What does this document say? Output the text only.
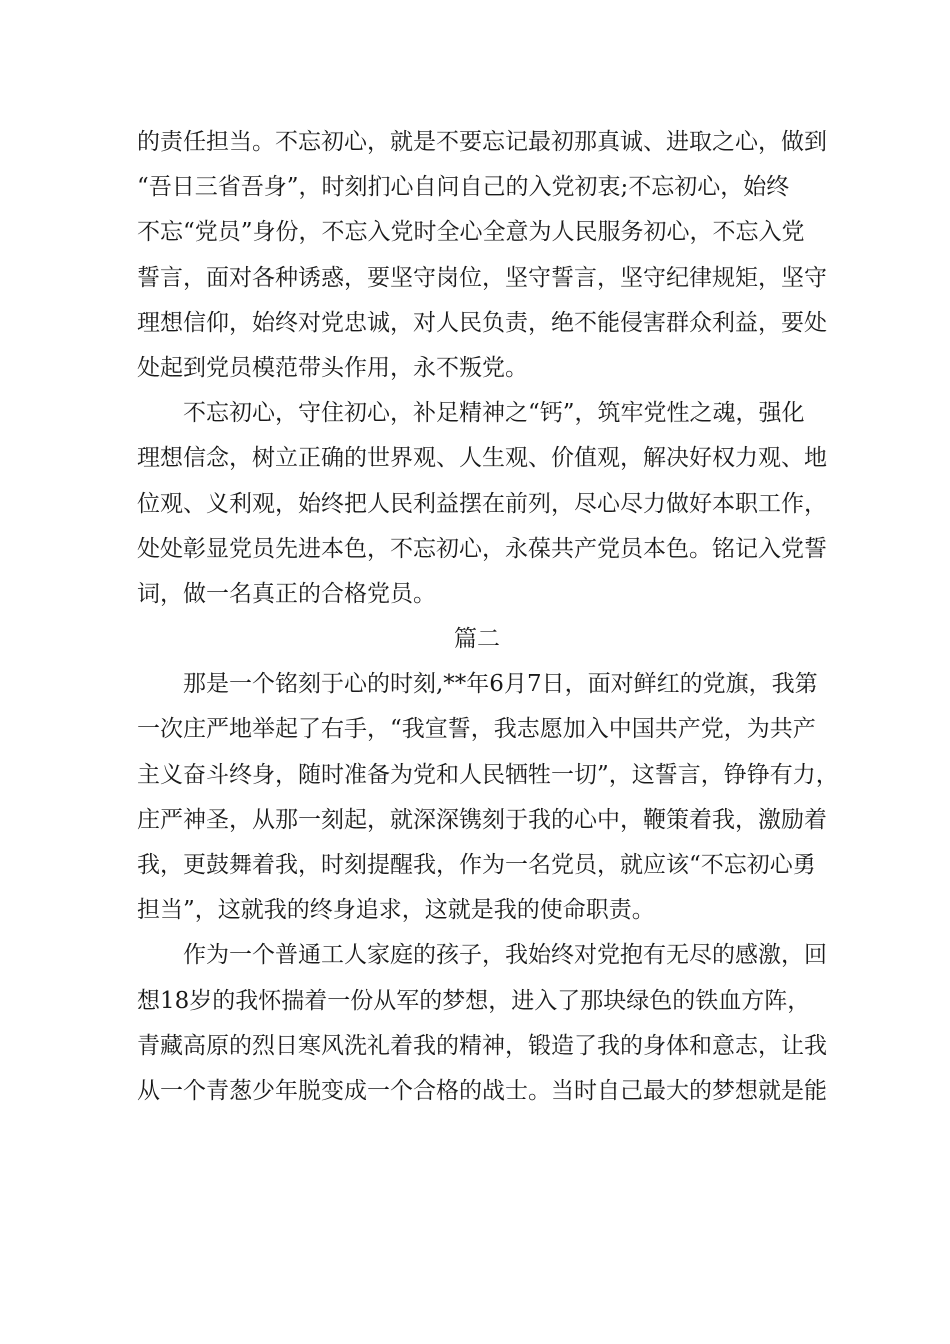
的责任担当。不忘初心，就是不要忘记最初那真诚、进取之心，做到
“吾日三省吾身”，时刻扪心自问自己的入党初衷;不忘初心，始终
不忘“党员”身份，不忘入党时全心全意为人民服务初心，不忘入党
誓言，面对各种诱惑，要坚守岗位，坚守誓言，坚守纪律规矩，坚守
理想信仰，始终对党忠诚，对人民负责，绝不能侵害群众利益，要处
处起到党员模范带头作用，永不叛党。
不忘初心，守住初心，补足精神之“钙”，筑牢党性之魂，强化
理想信念，树立正确的世界观、人生观、价值观，解决好权力观、地
位观、义利观，始终把人民利益摆在前列，尽心尽力做好本职工作，
处处彰显党员先进本色，不忘初心，永葆共产党员本色。铭记入党誓
词，做一名真正的合格党员。
篇二
那是一个铭刻于心的时刻,**年6月7日，面对鲜红的党旗，我第
一次庄严地举起了右手，“我宣誓，我志愿加入中国共产党，为共产
主义奋斗终身，随时准备为党和人民牺牲一切”，这誓言，铮铮有力，
庄严神圣，从那一刻起，就深深镌刻于我的心中，鞭策着我，激励着
我，更鼓舞着我，时刻提醒我，作为一名党员，就应该“不忘初心勇
担当”，这就我的终身追求，这就是我的使命职责。
作为一个普通工人家庭的孩子，我始终对党抱有无尽的感激，回
想18岁的我怀揣着一份从军的梦想，进入了那块绿色的铁血方阵，
青藏高原的烈日寒风洗礼着我的精神，锻造了我的身体和意志，让我
从一个青葱少年脱变成一个合格的战士。当时自己最大的梦想就是能
